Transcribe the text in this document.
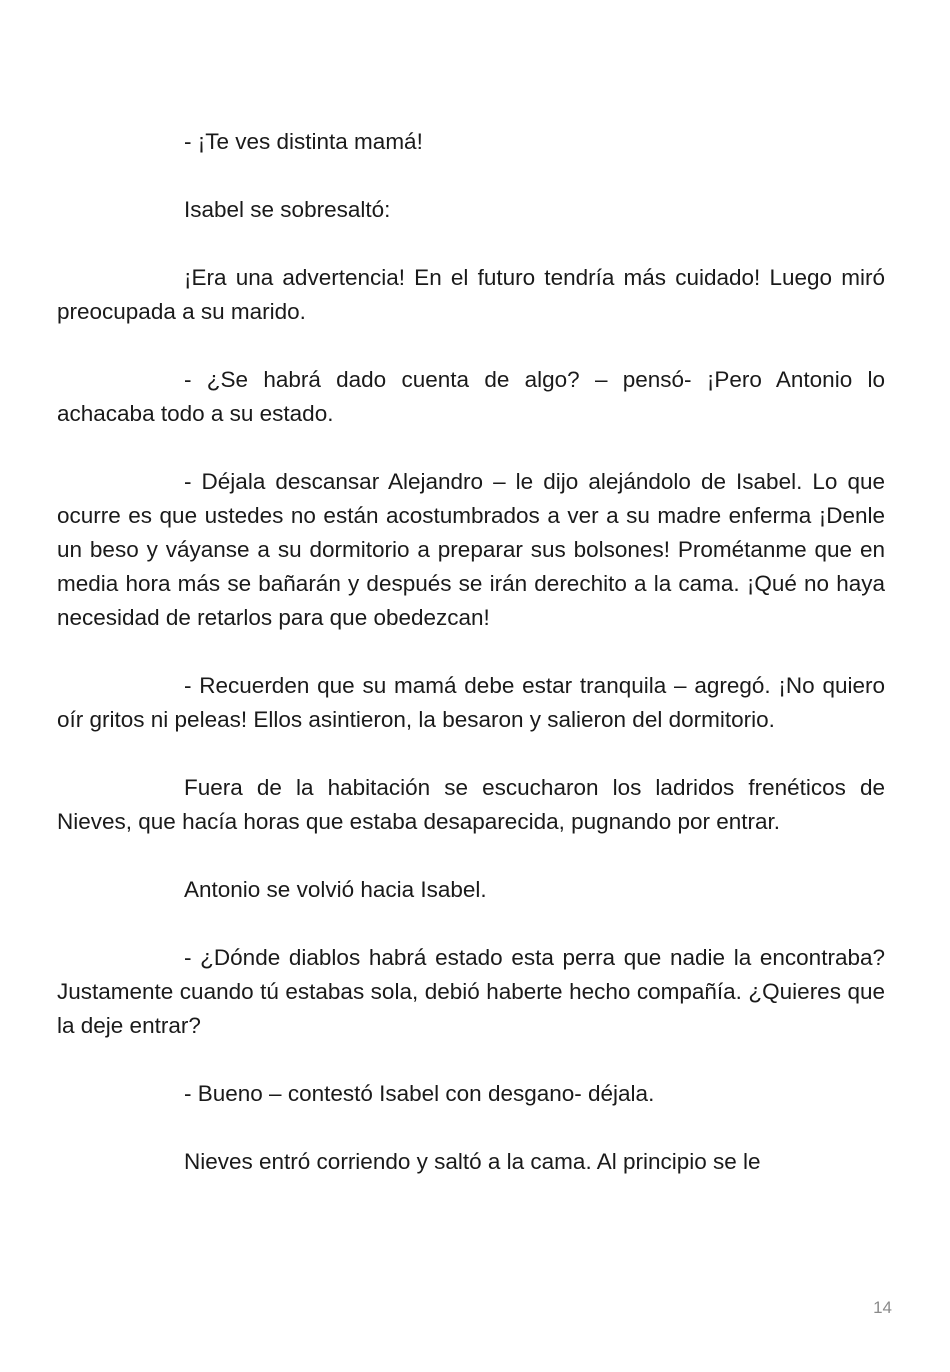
- ¡Te ves distinta mamá!

Isabel se sobresaltó:

¡Era una advertencia! En el futuro tendría más cuidado! Luego miró preocupada a su marido.

- ¿Se habrá dado cuenta de algo? – pensó- ¡Pero Antonio lo achacaba todo a su estado.

- Déjala descansar Alejandro – le dijo alejándolo de Isabel. Lo que ocurre es que ustedes no están acostumbrados a ver a su madre enferma ¡Denle un beso y váyanse a su dormitorio a preparar sus bolsones! Prométanme que en media hora más se bañarán y después se irán derechito a la cama. ¡Qué no haya necesidad de retarlos para que obedezcan!

- Recuerden que su mamá debe estar tranquila – agregó. ¡No quiero oír gritos ni peleas! Ellos asintieron, la besaron y salieron del dormitorio.

Fuera de la habitación se escucharon los ladridos frenéticos de Nieves, que hacía horas que estaba desaparecida, pugnando por entrar.

Antonio se volvió hacia Isabel.

- ¿Dónde diablos habrá estado esta perra que nadie la encontraba? Justamente cuando tú estabas sola, debió haberte hecho compañía. ¿Quieres que la deje entrar?

- Bueno – contestó Isabel con desgano- déjala.

Nieves entró corriendo y saltó a la cama. Al principio se le

14
